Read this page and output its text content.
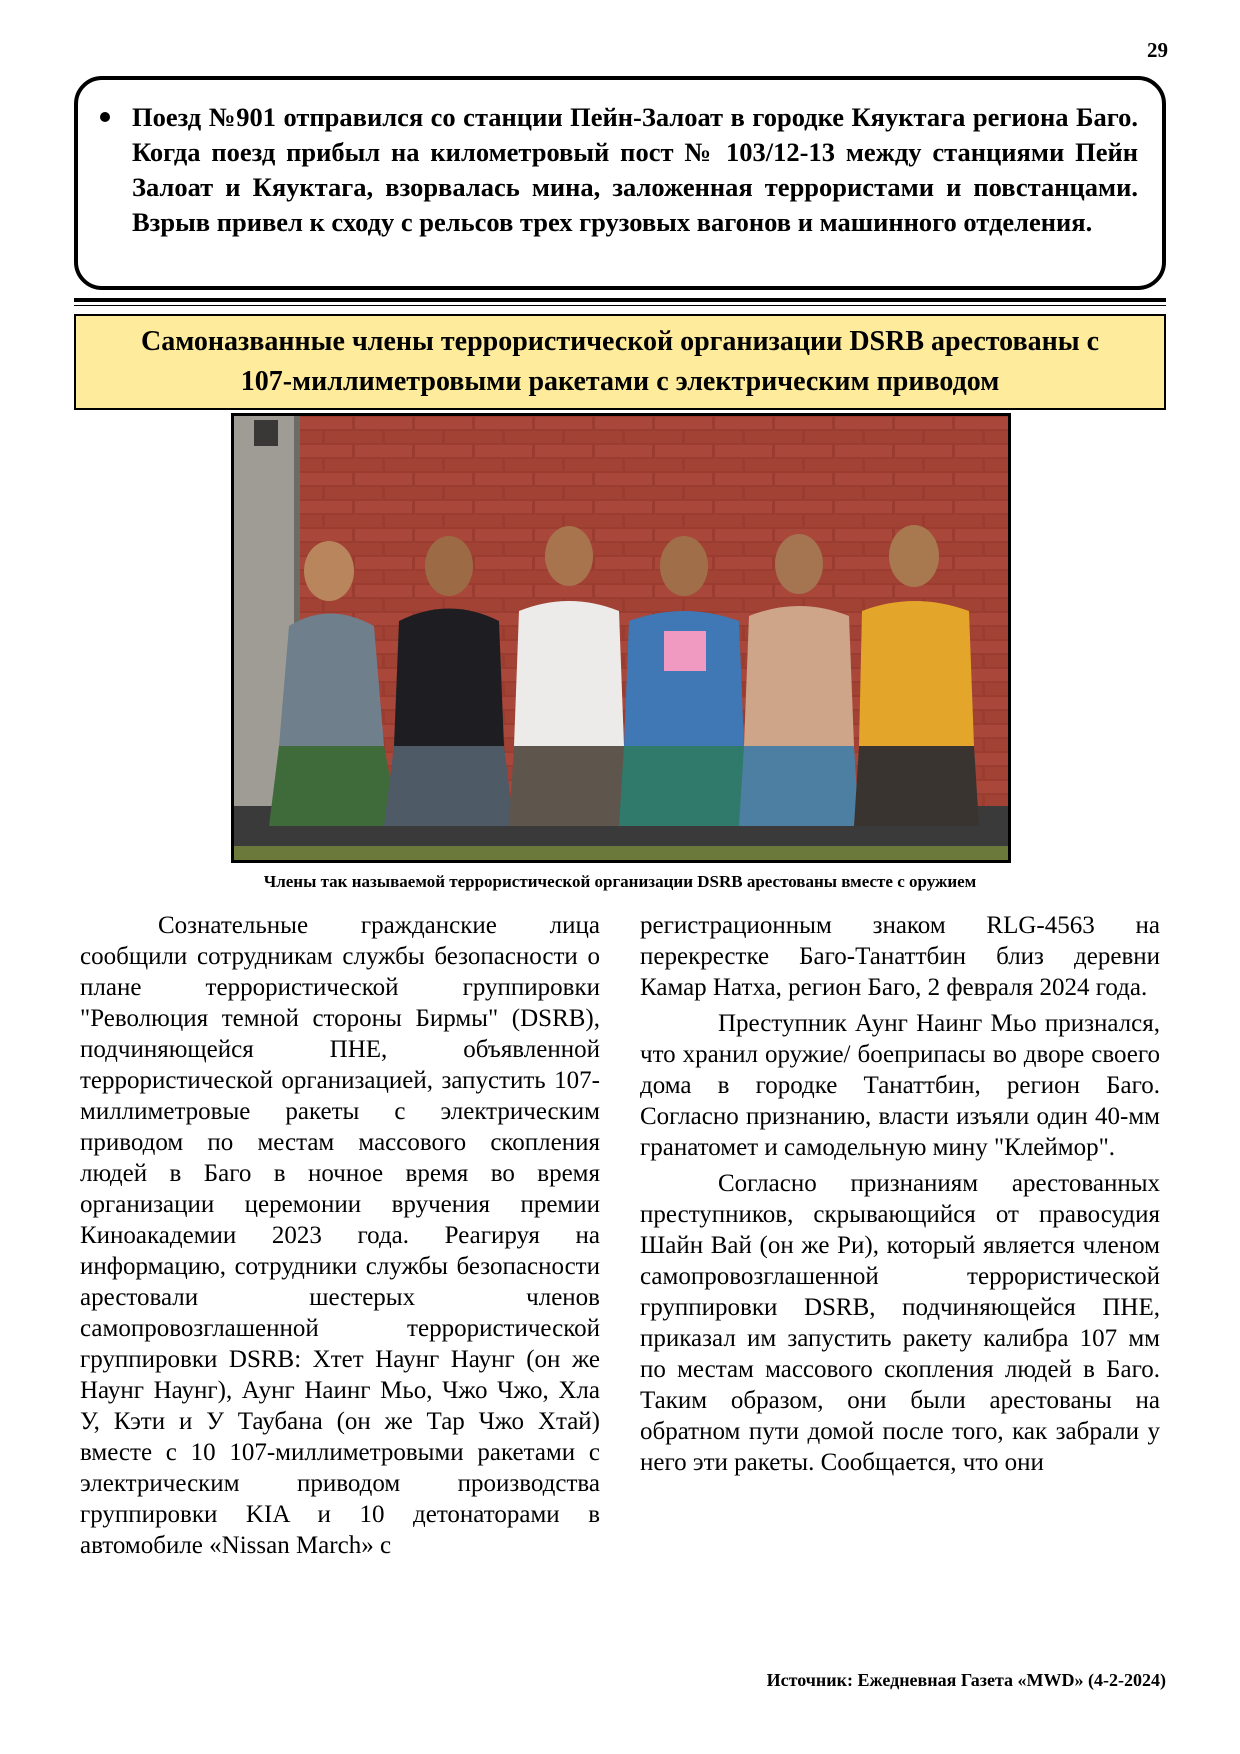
29
Поезд №901 отправился со станции Пейн-Залоат в городке Кяуктага региона Баго. Когда поезд прибыл на километровый пост № 103/12-13 между станциями Пейн Залоат и Кяуктага, взорвалась мина, заложенная террористами и повстанцами. Взрыв привел к сходу с рельсов трех грузовых вагонов и машинного отделения.
Самоназванные члены террористической организации DSRB арестованы с
107-миллиметровыми ракетами с электрическим приводом
Члены так называемой террористической организации DSRB арестованы вместе с оружием

Сознательные гражданские лица сообщили сотрудникам службы безопасности о плане террористической группировки "Революция темной стороны Бирмы" (DSRB), подчиняющейся ПНЕ, объявленной террористической организацией, запустить 107-миллиметровые ракеты с электрическим приводом по местам массового скопления людей в Баго в ночное время во время организации церемонии вручения премии Киноакадемии 2023 года. Реагируя на информацию, сотрудники службы безопасности арестовали шестерых членов самопровозглашенной террористической группировки DSRB: Хтет Наунг Наунг (он же Наунг Наунг), Аунг Наинг Мьо, Чжо Чжо, Хла У, Кэти и У Таубана (он же Тар Чжо Хтай) вместе с 10 107-миллиметровыми ракетами с электрическим приводом производства группировки KIA и 10 детонаторами в автомобиле «Nissan March» с

регистрационным знаком RLG-4563 на перекрестке Баго-Танаттбин близ деревни Камар Натха, регион Баго, 2 февраля 2024 года.

Преступник Аунг Наинг Мьо признался, что хранил оружие/ боеприпасы во дворе своего дома в городке Танаттбин, регион Баго. Согласно признанию, власти изъяли один 40-мм гранатомет и самодельную мину "Клеймор".

Согласно признаниям арестованных преступников, скрывающийся от правосудия Шайн Вай (он же Ри), который является членом самопровозглашенной террористической группировки DSRB, подчиняющейся ПНЕ, приказал им запустить ракету калибра 107 мм по местам массового скопления людей в Баго. Таким образом, они были арестованы на обратном пути домой после того, как забрали у него эти ракеты. Сообщается, что они

Источник: Ежедневная Газета «MWD» (4-2-2024)
